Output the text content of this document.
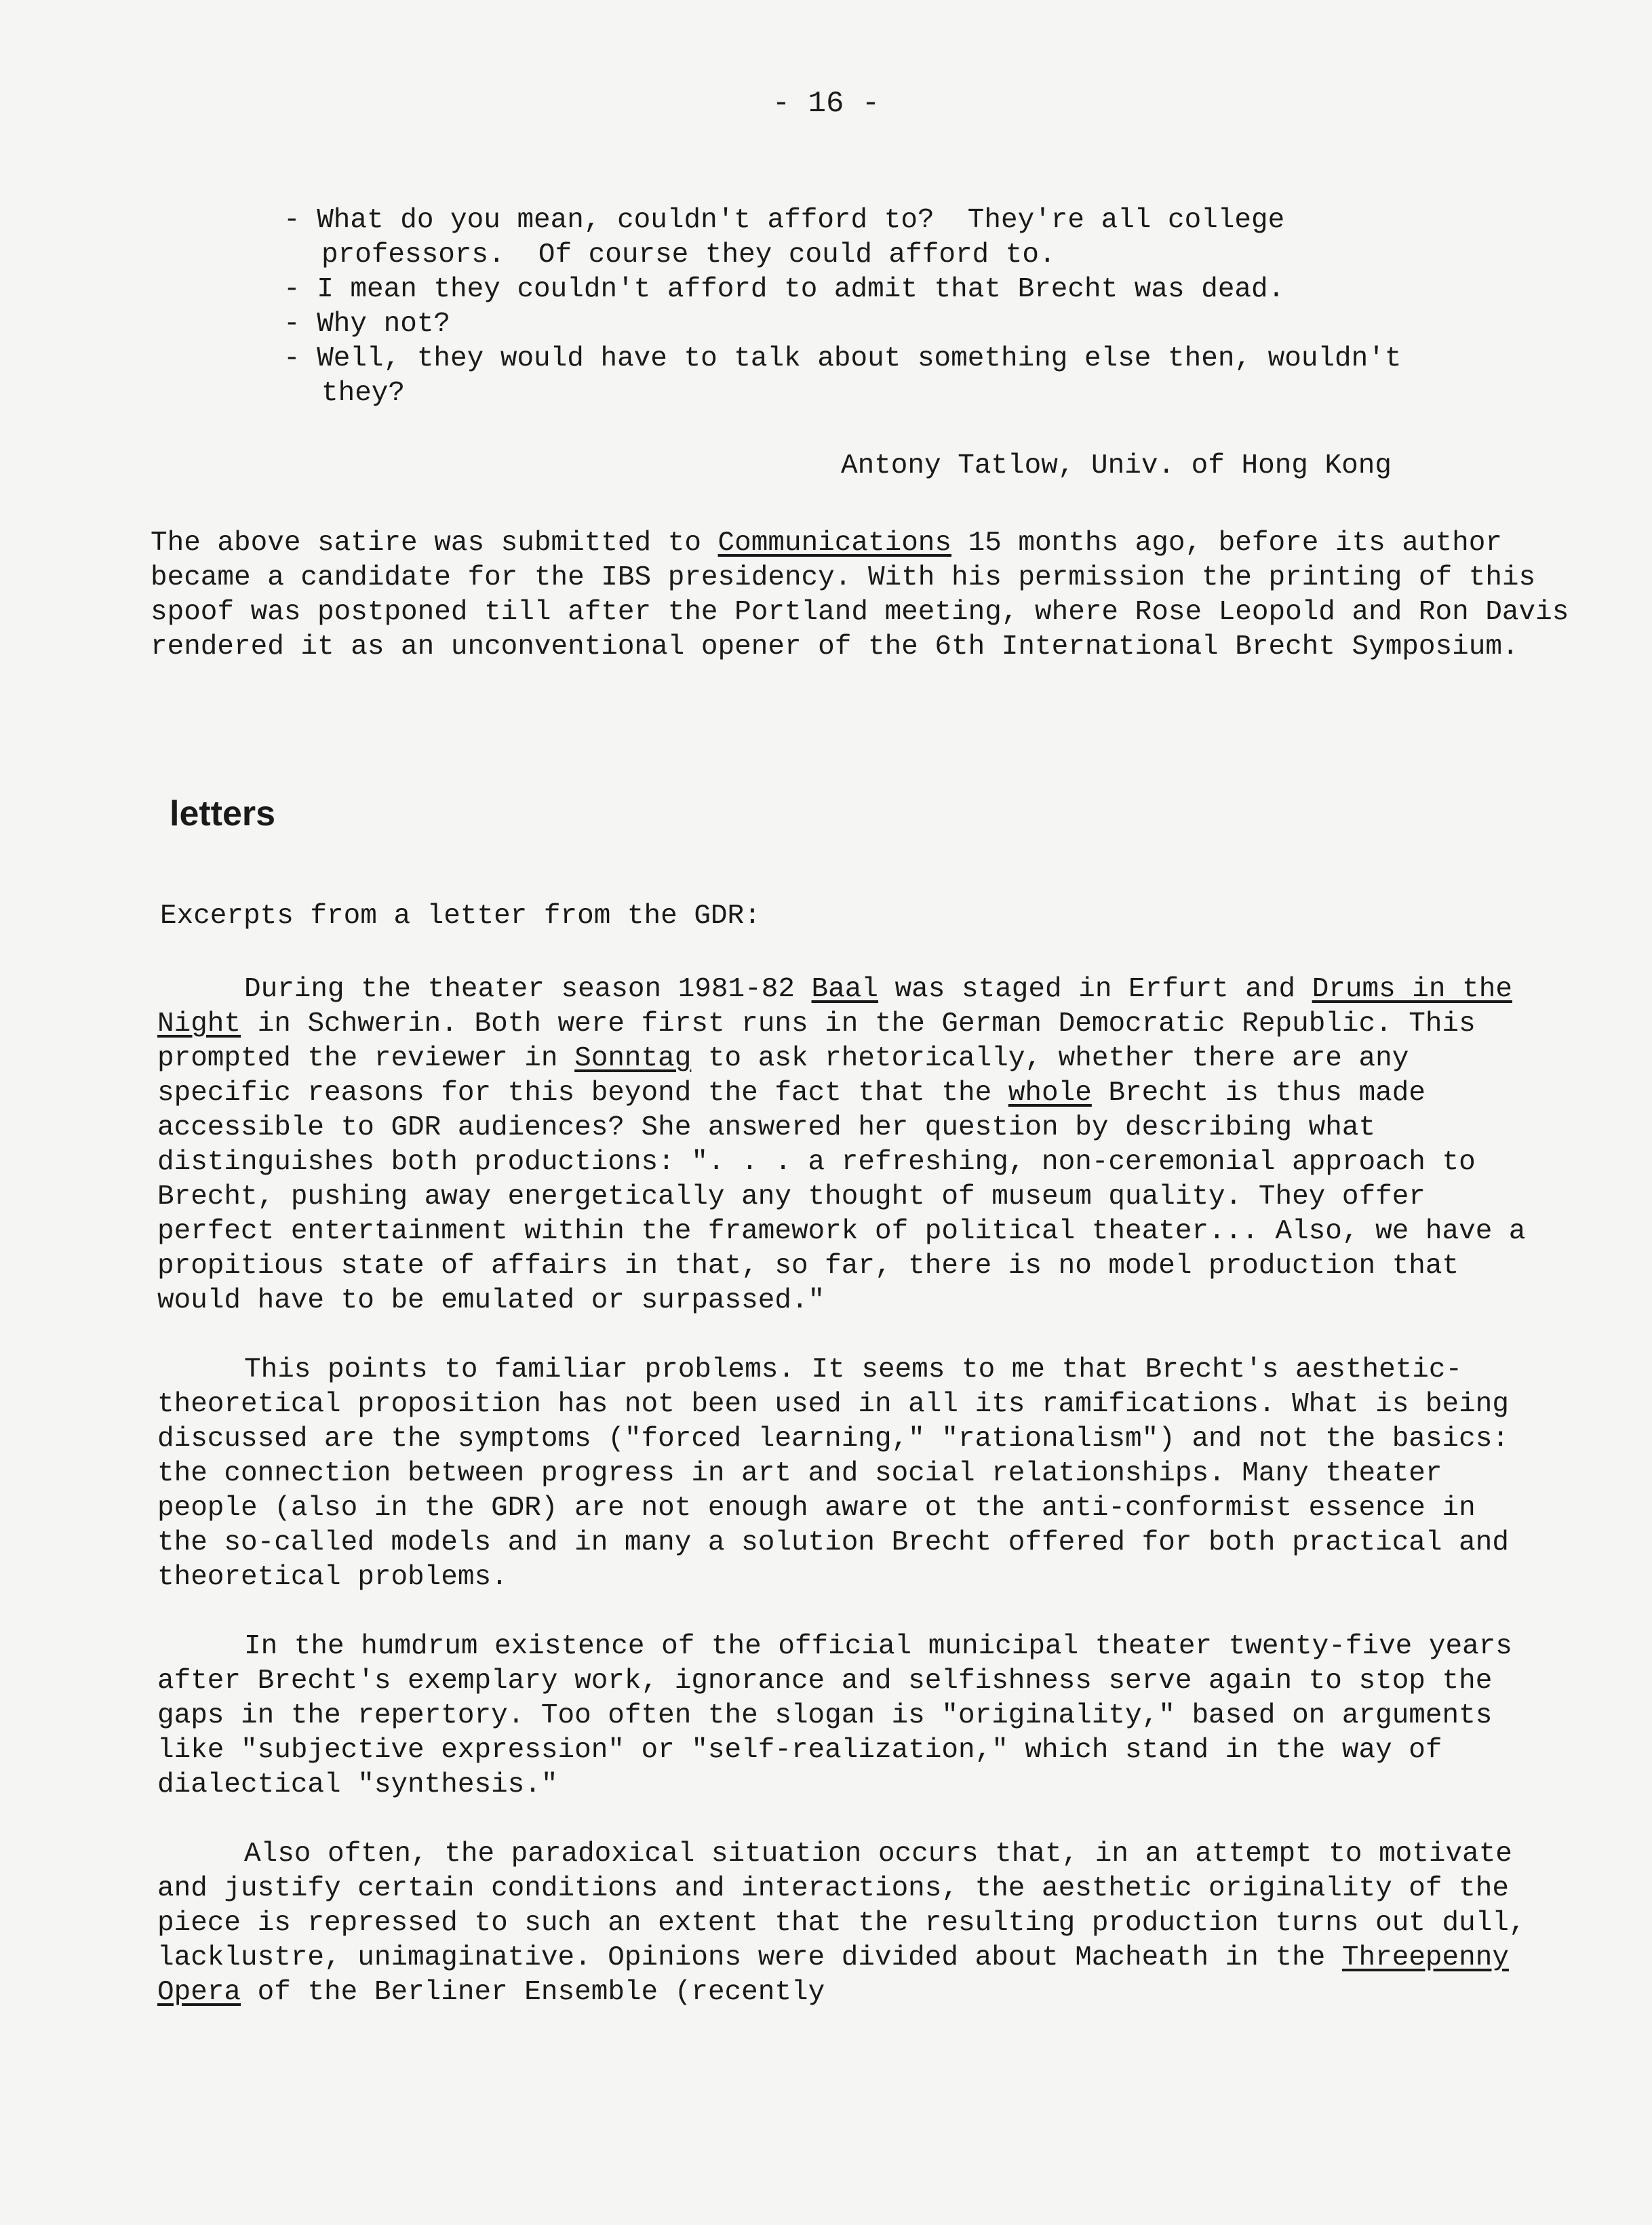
- 16 -
- What do you mean, couldn't afford to?  They're all college professors.  Of course they could afford to.
- I mean they couldn't afford to admit that Brecht was dead.
- Why not?
- Well, they would have to talk about something else then, wouldn't they?
Antony Tatlow, Univ. of Hong Kong
The above satire was submitted to Communications 15 months ago, before its author became a candidate for the IBS presidency. With his permission the printing of this spoof was postponed till after the Portland meeting, where Rose Leopold and Ron Davis rendered it as an unconventional opener of the 6th International Brecht Symposium.
letters
Excerpts from a letter from the GDR:

During the theater season 1981-82 Baal was staged in Erfurt and Drums in the Night in Schwerin. Both were first runs in the German Democratic Republic. This prompted the reviewer in Sonntag to ask rhetorically, whether there are any specific reasons for this beyond the fact that the whole Brecht is thus made accessible to GDR audiences? She answered her question by describing what distinguishes both productions: ". . . a refreshing, non-ceremonial approach to Brecht, pushing away energetically any thought of museum quality. They offer perfect entertainment within the framework of political theater... Also, we have a propitious state of affairs in that, so far, there is no model production that would have to be emulated or surpassed."

This points to familiar problems. It seems to me that Brecht's aesthetic-theoretical proposition has not been used in all its ramifications. What is being discussed are the symptoms ("forced learning," "rationalism") and not the basics: the connection between progress in art and social relationships. Many theater people (also in the GDR) are not enough aware ot the anti-conformist essence in the so-called models and in many a solution Brecht offered for both practical and theoretical problems.

In the humdrum existence of the official municipal theater twenty-five years after Brecht's exemplary work, ignorance and selfishness serve again to stop the gaps in the repertory. Too often the slogan is "originality," based on arguments like "subjective expression" or "self-realization," which stand in the way of dialectical "synthesis."

Also often, the paradoxical situation occurs that, in an attempt to motivate and justify certain conditions and interactions, the aesthetic originality of the piece is repressed to such an extent that the resulting production turns out dull, lacklustre, unimaginative. Opinions were divided about Macheath in the Threepenny Opera of the Berliner Ensemble (recently
